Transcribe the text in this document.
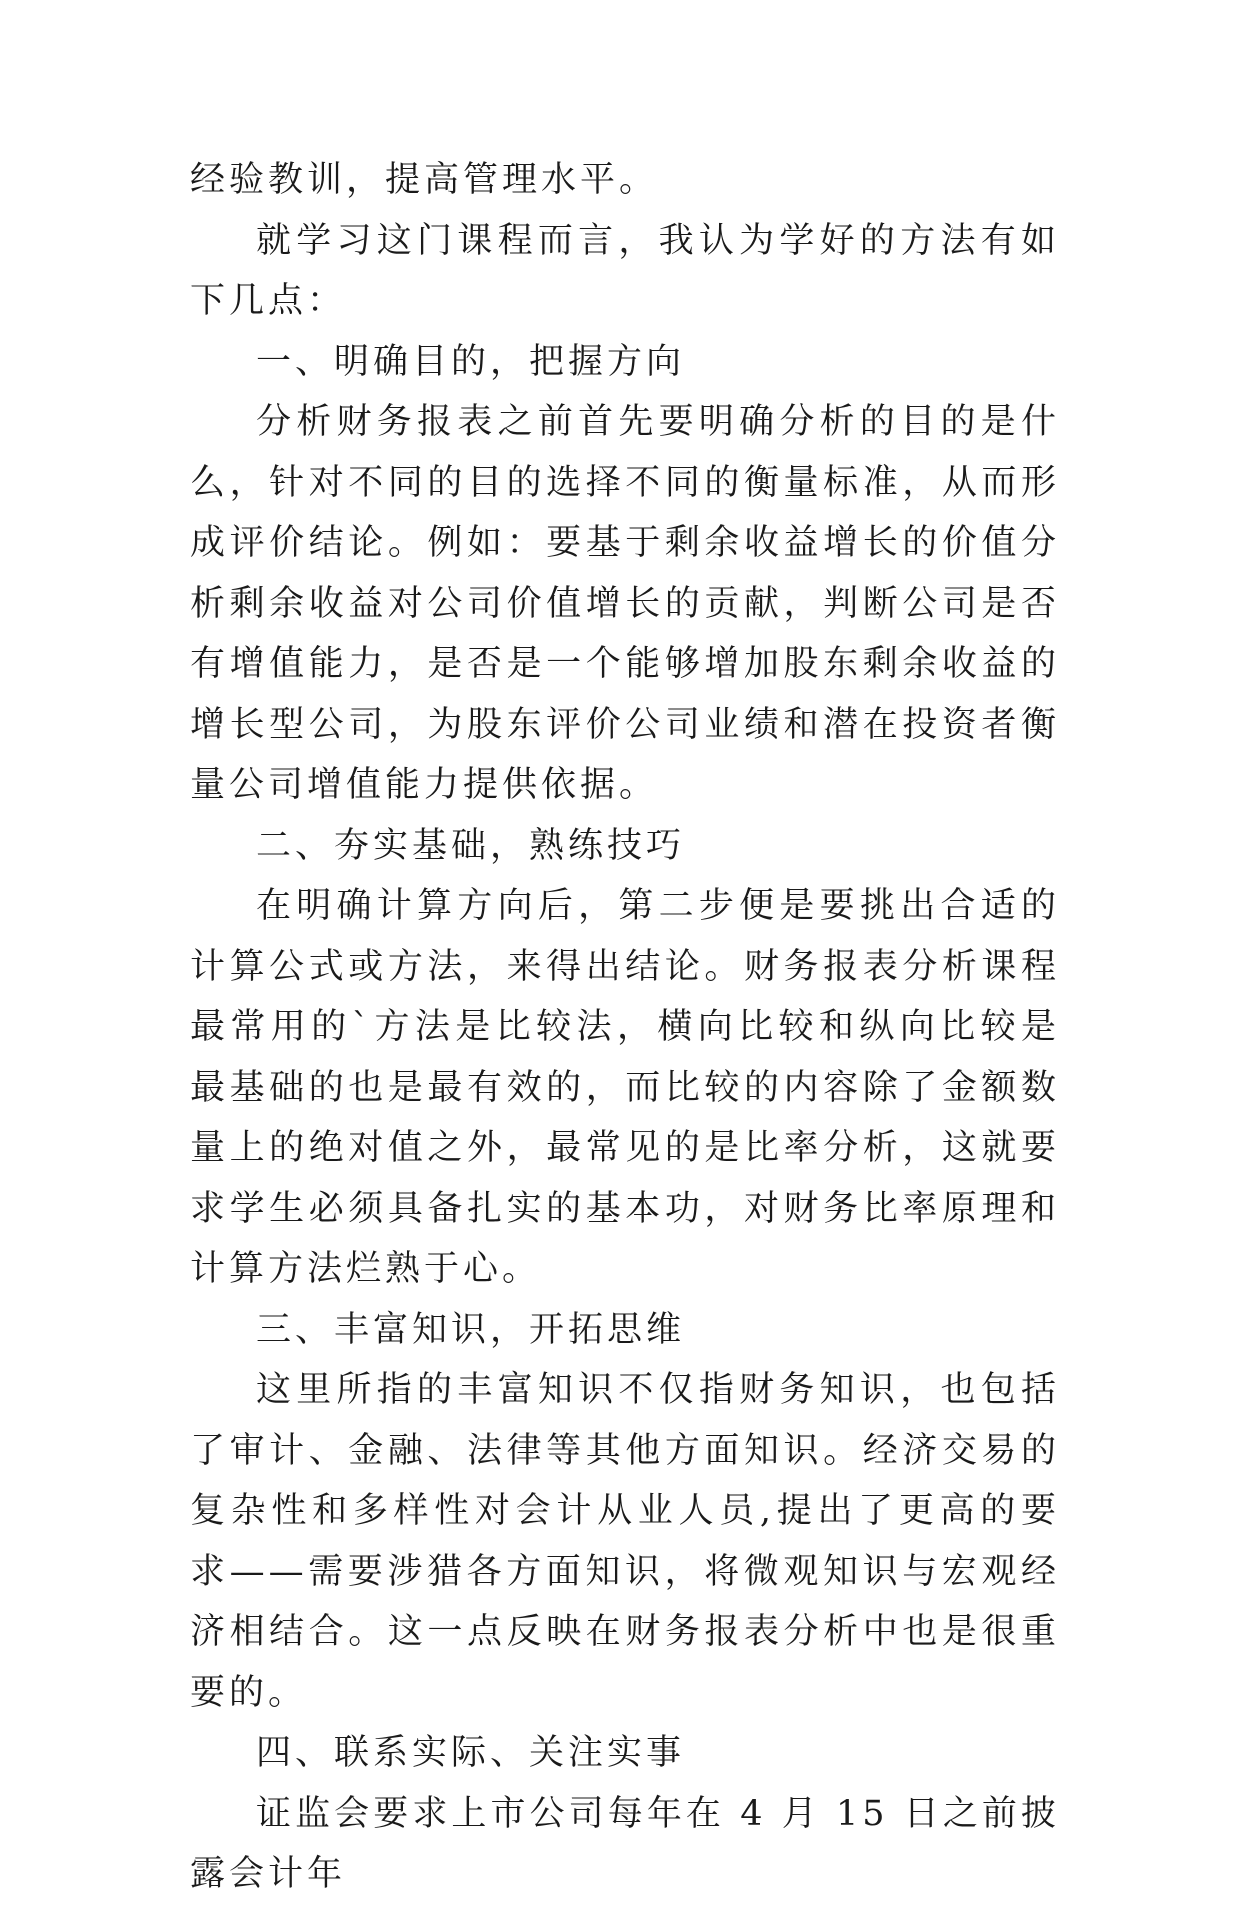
经验教训，提高管理水平。

就学习这门课程而言，我认为学好的方法有如下几点：

一、明确目的，把握方向

分析财务报表之前首先要明确分析的目的是什么，针对不同的目的选择不同的衡量标准，从而形成评价结论。例如：要基于剩余收益增长的价值分析剩余收益对公司价值增长的贡献，判断公司是否有增值能力，是否是一个能够增加股东剩余收益的增长型公司，为股东评价公司业绩和潜在投资者衡量公司增值能力提供依据。

二、夯实基础，熟练技巧

在明确计算方向后，第二步便是要挑出合适的计算公式或方法，来得出结论。财务报表分析课程最常用的`方法是比较法，横向比较和纵向比较是最基础的也是最有效的，而比较的内容除了金额数量上的绝对值之外，最常见的是比率分析，这就要求学生必须具备扎实的基本功，对财务比率原理和计算方法烂熟于心。

三、丰富知识，开拓思维

这里所指的丰富知识不仅指财务知识，也包括了审计、金融、法律等其他方面知识。经济交易的复杂性和多样性对会计从业人员,提出了更高的要求——需要涉猎各方面知识，将微观知识与宏观经济相结合。这一点反映在财务报表分析中也是很重要的。

四、联系实际、关注实事

证监会要求上市公司每年在 4 月 15 日之前披露会计年
